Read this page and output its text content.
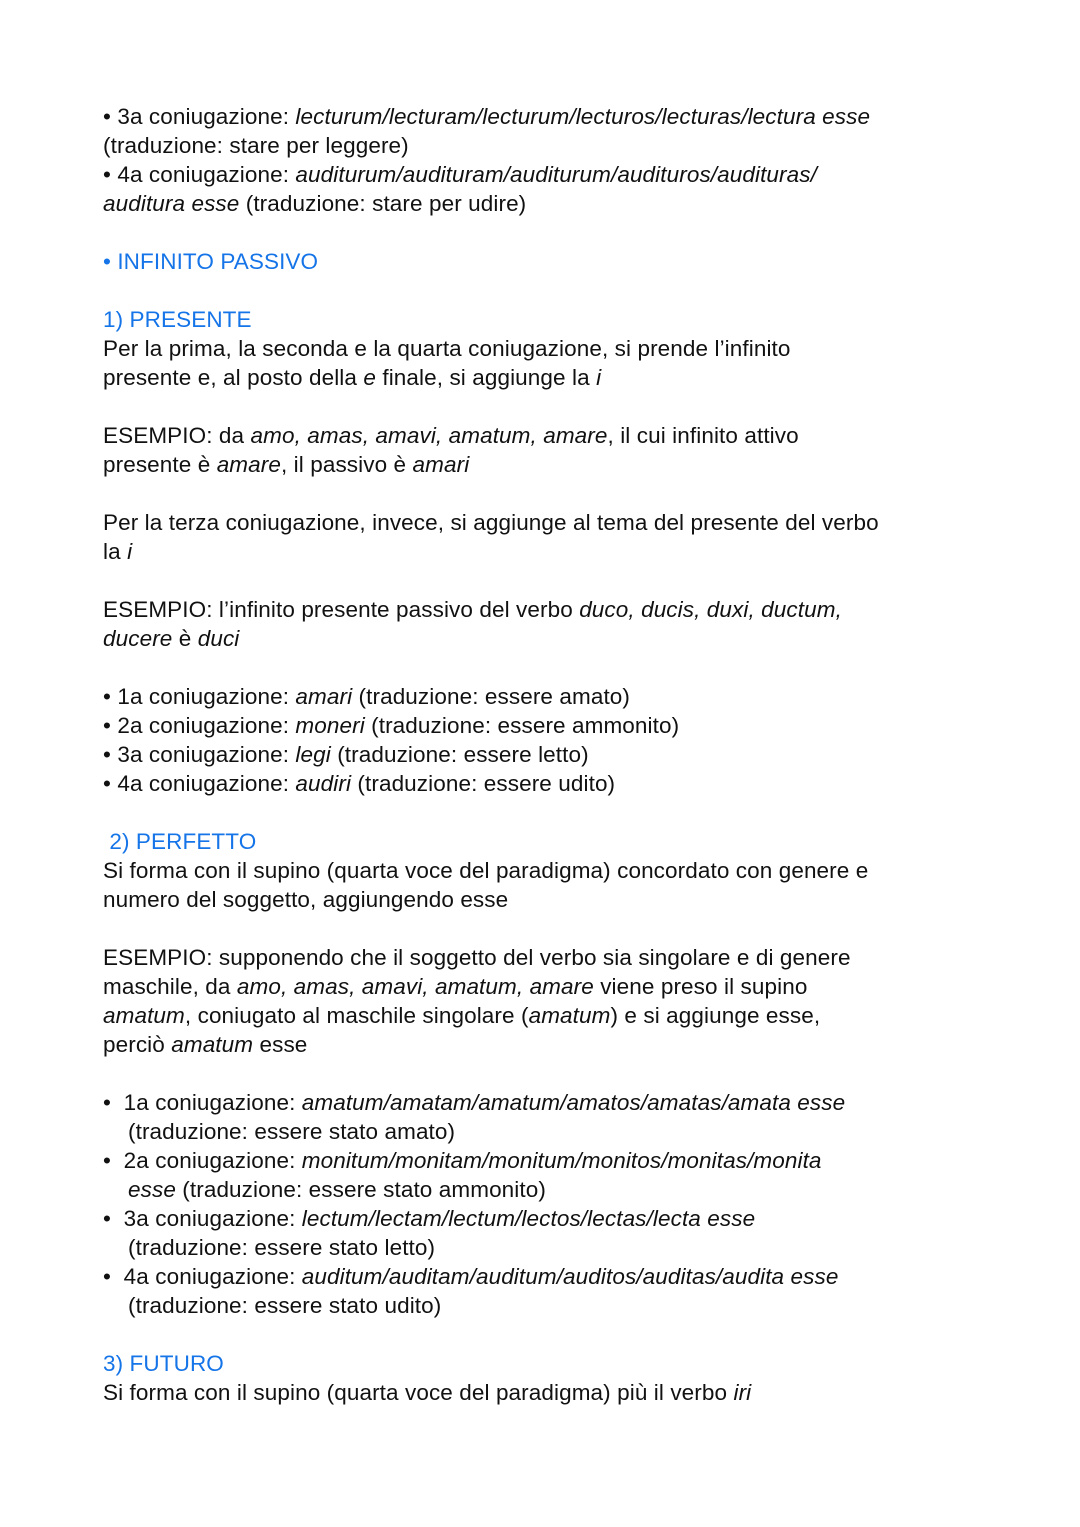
• 3a coniugazione: lecturum/lecturam/lecturum/lecturos/lecturas/lectura esse
(traduzione: stare per leggere)
• 4a coniugazione: auditurum/audituram/auditurum/audituros/audituras/
auditura esse (traduzione: stare per udire)
• INFINITO PASSIVO
1) PRESENTE
Per la prima, la seconda e la quarta coniugazione, si prende l’infinito
presente e, al posto della e finale, si aggiunge la i
ESEMPIO: da amo, amas, amavi, amatum, amare, il cui infinito attivo
presente è amare, il passivo è amari
Per la terza coniugazione, invece, si aggiunge al tema del presente del verbo
la i
ESEMPIO: l’infinito presente passivo del verbo duco, ducis, duxi, ductum,
ducere è duci
• 1a coniugazione: amari (traduzione: essere amato)
• 2a coniugazione: moneri (traduzione: essere ammonito)
• 3a coniugazione: legi (traduzione: essere letto)
• 4a coniugazione: audiri (traduzione: essere udito)
2) PERFETTO
Si forma con il supino (quarta voce del paradigma) concordato con genere e
numero del soggetto, aggiungendo esse
ESEMPIO: supponendo che il soggetto del verbo sia singolare e di genere
maschile, da amo, amas, amavi, amatum, amare viene preso il supino
amatum, coniugato al maschile singolare (amatum) e si aggiunge esse,
perciò amatum esse
•  1a coniugazione: amatum/amatam/amatum/amatos/amatas/amata esse
(traduzione: essere stato amato)
•  2a coniugazione: monitum/monitam/monitum/monitos/monitas/monita
esse (traduzione: essere stato ammonito)
•  3a coniugazione: lectum/lectam/lectum/lectos/lectas/lecta esse
(traduzione: essere stato letto)
•  4a coniugazione: auditum/auditam/auditum/auditos/auditas/audita esse
(traduzione: essere stato udito)
3) FUTURO
Si forma con il supino (quarta voce del paradigma) più il verbo iri
